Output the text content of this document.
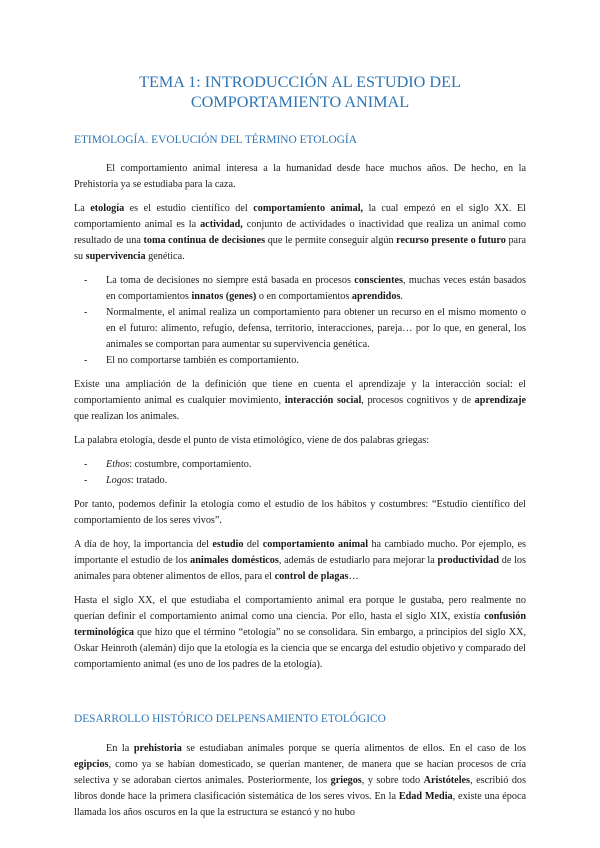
TEMA 1: INTRODUCCIÓN AL ESTUDIO DEL
COMPORTAMIENTO ANIMAL
ETIMOLOGÍA. EVOLUCIÓN DEL TÉRMINO ETOLOGÍA

El comportamiento animal interesa a la humanidad desde hace muchos años. De hecho, en la Prehistoria ya se estudiaba para la caza.

La etología es el estudio científico del comportamiento animal, la cual empezó en el siglo XX. El comportamiento animal es la actividad, conjunto de actividades o inactividad que realiza un animal como resultado de una toma continua de decisiones que le permite conseguir algún recurso presente o futuro para su supervivencia genética.

- La toma de decisiones no siempre está basada en procesos conscientes, muchas veces están basados en comportamientos innatos (genes) o en comportamientos aprendidos.
- Normalmente, el animal realiza un comportamiento para obtener un recurso en el mismo momento o en el futuro: alimento, refugio, defensa, territorio, interacciones, pareja… por lo que, en general, los animales se comportan para aumentar su supervivencia genética.
- El no comportarse también es comportamiento.

Existe una ampliación de la definición que tiene en cuenta el aprendizaje y la interacción social: el comportamiento animal es cualquier movimiento, interacción social, procesos cognitivos y de aprendizaje que realizan los animales.

La palabra etología, desde el punto de vista etimológico, viene de dos palabras griegas:

- Ethos: costumbre, comportamiento.
- Logos: tratado.

Por tanto, podemos definir la etología como el estudio de los hábitos y costumbres: “Estudio científico del comportamiento de los seres vivos”.

A día de hoy, la importancia del estudio del comportamiento animal ha cambiado mucho. Por ejemplo, es importante el estudio de los animales domésticos, además de estudiarlo para mejorar la productividad de los animales para obtener alimentos de ellos, para el control de plagas…

Hasta el siglo XX, el que estudiaba el comportamiento animal era porque le gustaba, pero realmente no querían definir el comportamiento animal como una ciencia. Por ello, hasta el siglo XIX, existía confusión terminológica que hizo que el término “etología” no se consolidara. Sin embargo, a principios del siglo XX, Oskar Heinroth (alemán) dijo que la etología es la ciencia que se encarga del estudio objetivo y comparado del comportamiento animal (es uno de los padres de la etología).

DESARROLLO HISTÓRICO DELPENSAMIENTO ETOLÓGICO

En la prehistoria se estudiaban animales porque se quería alimentos de ellos. En el caso de los egipcios, como ya se habían domesticado, se querían mantener, de manera que se hacían procesos de cría selectiva y se adoraban ciertos animales. Posteriormente, los griegos, y sobre todo Aristóteles, escribió dos libros donde hace la primera clasificación sistemática de los seres vivos. En la Edad Media, existe una época llamada los años oscuros en la que la estructura se estancó y no hubo
